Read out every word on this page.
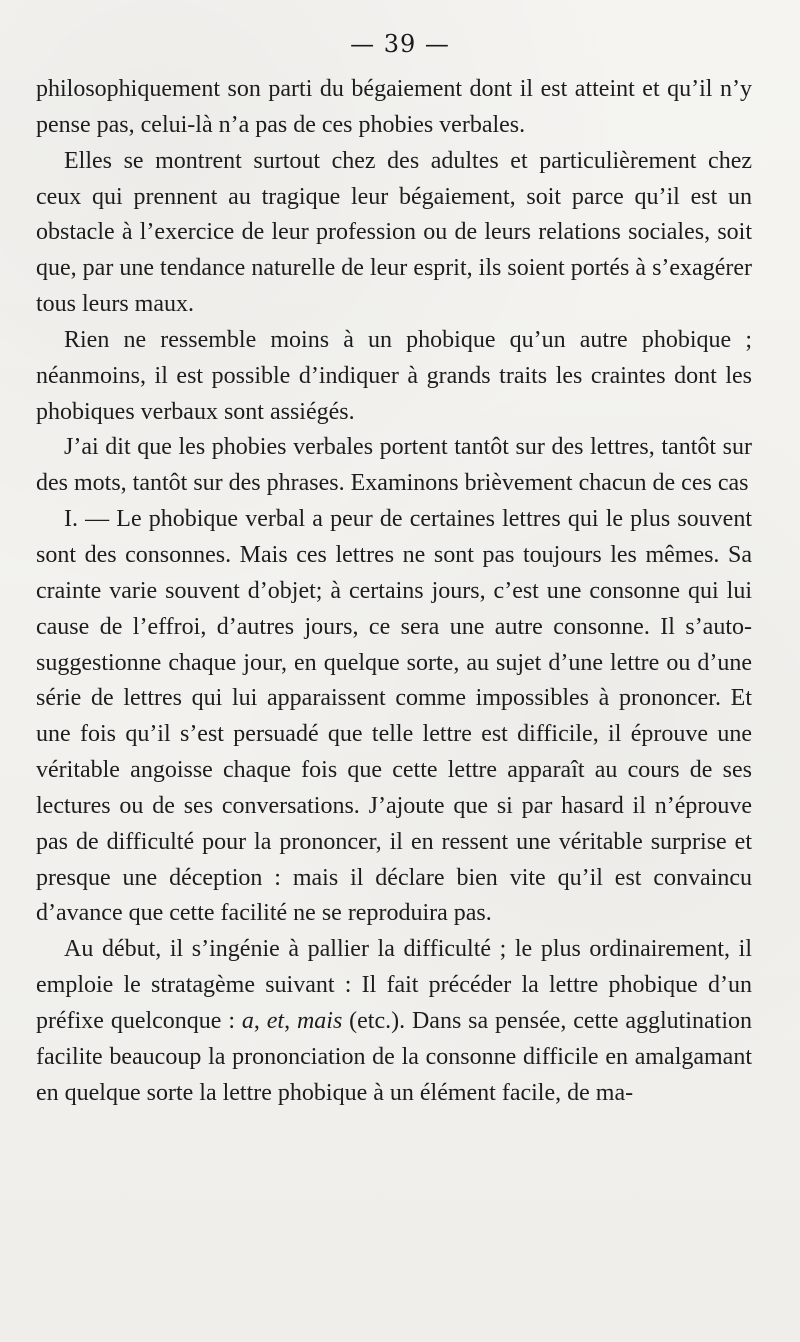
— 39 —

philosophiquement son parti du bégaiement dont il est atteint et qu’il n’y pense pas, celui-là n’a pas de ces phobies verbales.

Elles se montrent surtout chez des adultes et particulièrement chez ceux qui prennent au tragique leur bégaiement, soit parce qu’il est un obstacle à l’exercice de leur profession ou de leurs relations sociales, soit que, par une tendance naturelle de leur esprit, ils soient portés à s’exagérer tous leurs maux.

Rien ne ressemble moins à un phobique qu’un autre phobique ; néanmoins, il est possible d’indiquer à grands traits les craintes dont les phobiques verbaux sont assiégés.

J’ai dit que les phobies verbales portent tantôt sur des lettres, tantôt sur des mots, tantôt sur des phrases. Examinons brièvement chacun de ces cas

I. — Le phobique verbal a peur de certaines lettres qui le plus souvent sont des consonnes. Mais ces lettres ne sont pas toujours les mêmes. Sa crainte varie souvent d’objet; à certains jours, c’est une consonne qui lui cause de l’effroi, d’autres jours, ce sera une autre consonne. Il s’auto-suggestionne chaque jour, en quelque sorte, au sujet d’une lettre ou d’une série de lettres qui lui apparaissent comme impossibles à prononcer. Et une fois qu’il s’est persuadé que telle lettre est difficile, il éprouve une véritable angoisse chaque fois que cette lettre apparaît au cours de ses lectures ou de ses conversations. J’ajoute que si par hasard il n’éprouve pas de difficulté pour la prononcer, il en ressent une véritable surprise et presque une déception : mais il déclare bien vite qu’il est convaincu d’avance que cette facilité ne se reproduira pas.

Au début, il s’ingénie à pallier la difficulté ; le plus ordinairement, il emploie le stratagème suivant : Il fait précéder la lettre phobique d’un préfixe quelconque : a, et, mais (etc.). Dans sa pensée, cette agglutination facilite beaucoup la prononciation de la consonne difficile en amalgamant en quelque sorte la lettre phobique à un élément facile, de ma-
